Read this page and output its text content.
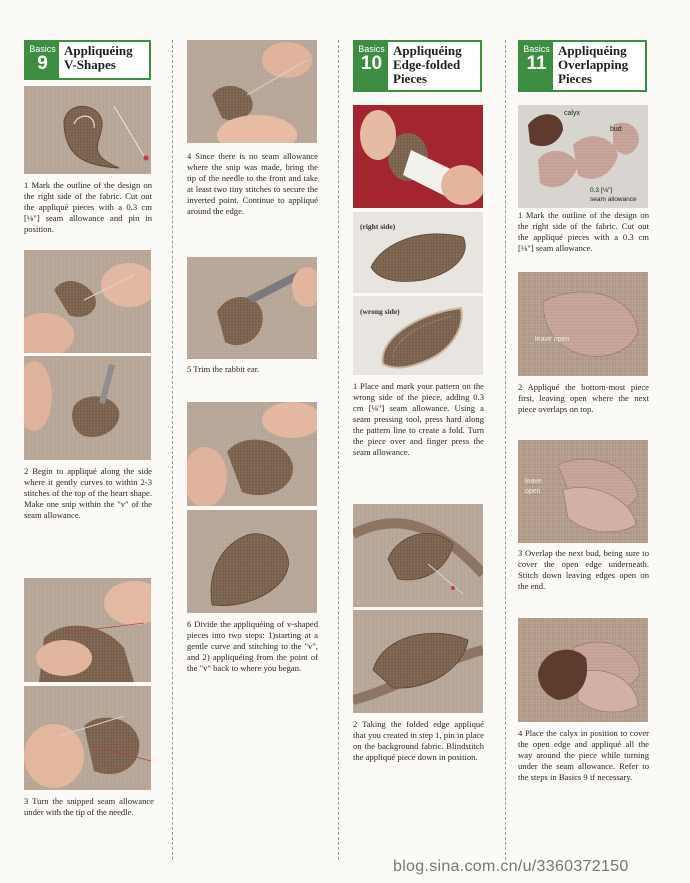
Basics
9
Appliquéing
V-Shapes
Basics
10
Appliquéing
Edge-folded
Pieces
Basics
11
Appliquéing
Overlapping
Pieces
1 Mark the outline of the design on the right side of the fabric. Cut out the appliqué pieces with a 0.3 cm [⅛"] seam allowance and pin in position.
2 Begin to appliqué along the side where it gently curves to within 2-3 stitches of the top of the heart shape. Make one snip within the "v" of the seam allowance.
3 Turn the snipped seam allowance under with the tip of the needle.
4 Since there is no seam allowance where the snip was made, bring the tip of the needle to the front and take at least two tiny stitches to secure the inverted point. Continue to appliqué around the edge.
5 Trim the rabbit ear.
6 Divide the appliquéing of v-shaped pieces into two steps: 1)starting at a gentle curve and stitching to the "v", and 2) appliquéing from the point of the "v" back to where you began.
(right side)
(wrong side)
1 Place and mark your pattern on the wrong side of the piece, adding 0.3 cm [⅛"] seam allowance. Using a seam pressing tool, press hard along the pattern line to create a fold. Turn the piece over and finger press the seam allowance.
2 Taking the folded edge appliqué that you created in step 1, pin in place on the background fabric. Blindstitch the appliqué piece down in position.
calyx
bud
0.3 [⅛"]
seam allowance
1 Mark the outline of the design on the right side of the fabric. Cut out the appliqué pieces with a 0.3 cm [⅛"] seam allowance.
leave open
2 Appliqué the bottom-most piece first, leaving open where the next piece overlaps on top.
leave
open
3 Overlap the next bud, being sure to cover the open edge underneath. Stitch down leaving edges open on the end.
4 Place the calyx in position to cover the open edge and appliqué all the way around the piece while turning under the seam allowance. Refer to the steps in Basics 9 if necessary.
blog.sina.com.cn/u/3360372150
